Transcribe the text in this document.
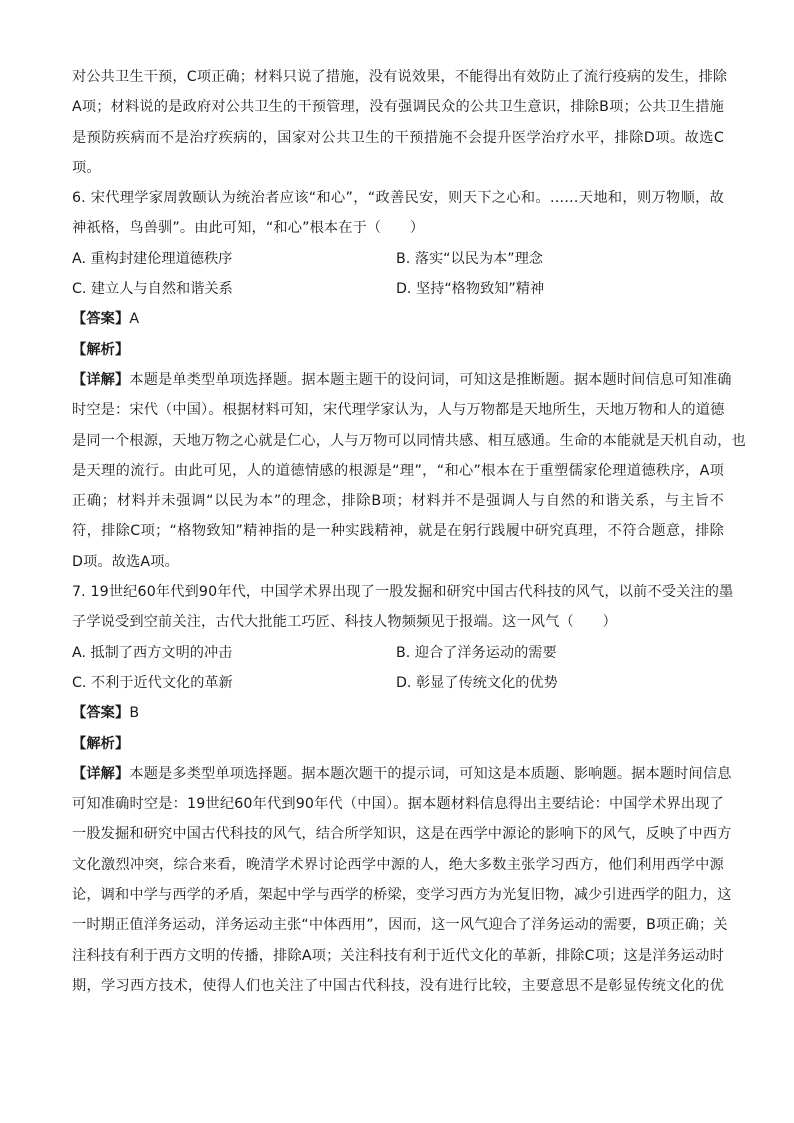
对公共卫生干预，C项正确；材料只说了措施，没有说效果，不能得出有效防止了流行疫病的发生，排除
A项；材料说的是政府对公共卫生的干预管理，没有强调民众的公共卫生意识，排除B项；公共卫生措施
是预防疾病而不是治疗疾病的，国家对公共卫生的干预措施不会提升医学治疗水平，排除D项。故选C
项。
6. 宋代理学家周敦颐认为统治者应该“和心”，“政善民安，则天下之心和。……天地和，则万物顺，故
神祇格，鸟兽驯”。由此可知，“和心”根本在于（　　）
A. 重构封建伦理道德秩序	B. 落实“以民为本”理念
C. 建立人与自然和谐关系	D. 坚持“格物致知”精神
【答案】A
【解析】
【详解】本题是单类型单项选择题。据本题主题干的设问词，可知这是推断题。据本题时间信息可知准确
时空是：宋代（中国）。根据材料可知，宋代理学家认为，人与万物都是天地所生，天地万物和人的道德
是同一个根源，天地万物之心就是仁心，人与万物可以同情共感、相互感通。生命的本能就是天机自动，也
是天理的流行。由此可见，人的道德情感的根源是“理”，“和心”根本在于重塑儒家伦理道德秩序，A项
正确；材料并未强调“以民为本”的理念，排除B项；材料并不是强调人与自然的和谐关系，与主旨不
符，排除C项；“格物致知”精神指的是一种实践精神，就是在躬行践履中研究真理，不符合题意，排除
D项。故选A项。
7. 19世纪60年代到90年代，中国学术界出现了一股发掘和研究中国古代科技的风气，以前不受关注的墨
子学说受到空前关注，古代大批能工巧匠、科技人物频频见于报端。这一风气（　　）
A. 抵制了西方文明的冲击	B. 迎合了洋务运动的需要
C. 不利于近代文化的革新	D. 彰显了传统文化的优势
【答案】B
【解析】
【详解】本题是多类型单项选择题。据本题次题干的提示词，可知这是本质题、影响题。据本题时间信息
可知准确时空是：19世纪60年代到90年代（中国）。据本题材料信息得出主要结论：中国学术界出现了
一股发掘和研究中国古代科技的风气，结合所学知识，这是在西学中源论的影响下的风气，反映了中西方
文化激烈冲突，综合来看，晚清学术界讨论西学中源的人，绝大多数主张学习西方，他们利用西学中源
论，调和中学与西学的矛盾，架起中学与西学的桥梁，变学习西方为光复旧物，减少引进西学的阻力，这
一时期正值洋务运动，洋务运动主张“中体西用”，因而，这一风气迎合了洋务运动的需要，B项正确；关
注科技有利于西方文明的传播，排除A项；关注科技有利于近代文化的革新，排除C项；这是洋务运动时
期，学习西方技术，使得人们也关注了中国古代科技，没有进行比较，主要意思不是彰显传统文化的优
